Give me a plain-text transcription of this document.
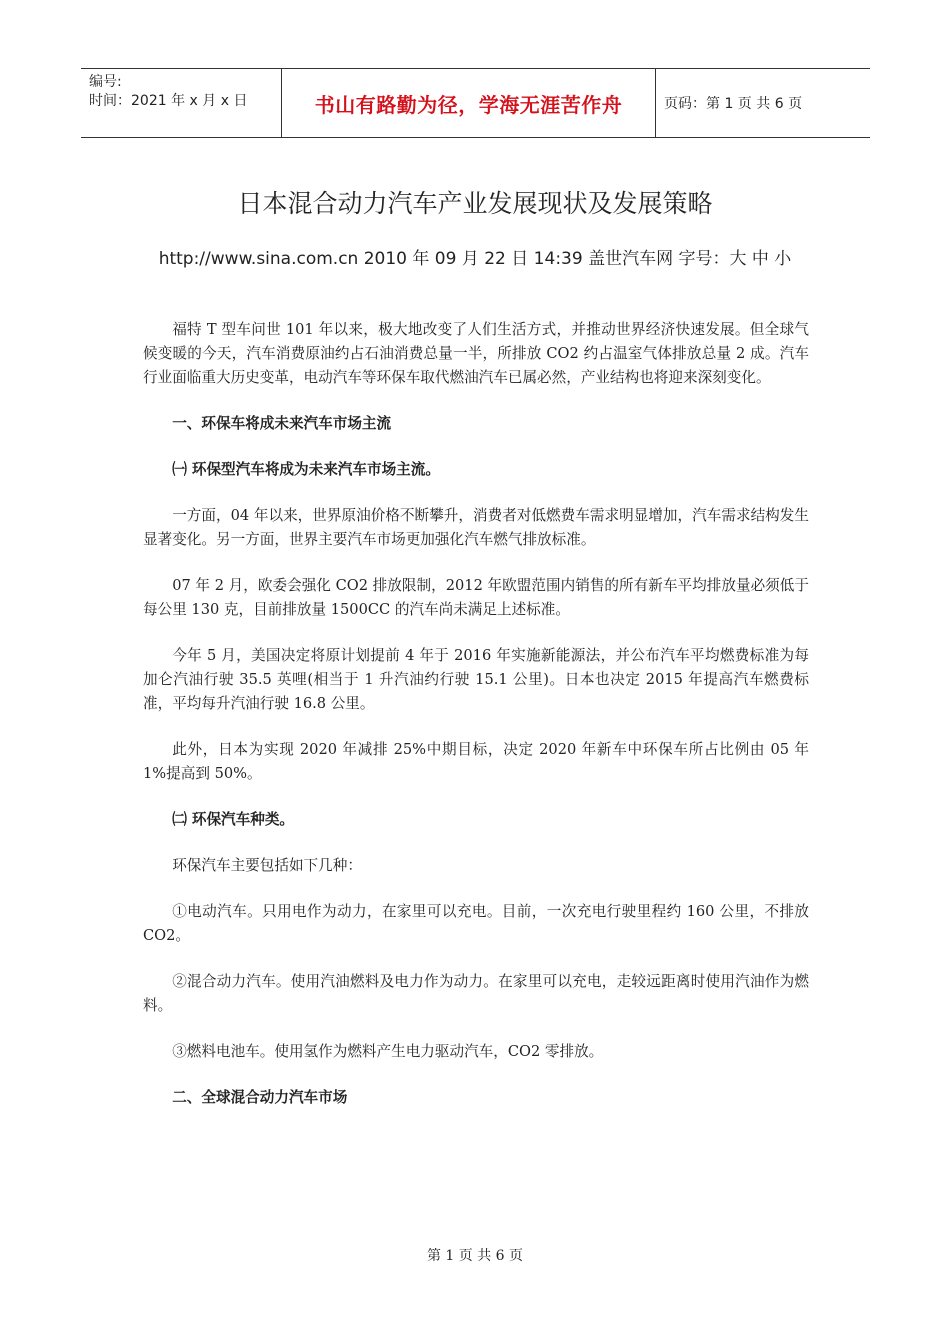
编号:
时间：2021 年 x 月 x 日	书山有路勤为径，学海无涯苦作舟	页码：第 1 页 共 6 页
日本混合动力汽车产业发展现状及发展策略
http://www.sina.com.cn 2010 年 09 月 22 日 14:39 盖世汽车网 字号：大 中 小

福特 T 型车问世 101 年以来，极大地改变了人们生活方式，并推动世界经济快速发展。但全球气候变暖的今天，汽车消费原油约占石油消费总量一半，所排放 CO2 约占温室气体排放总量 2 成。汽车行业面临重大历史变革，电动汽车等环保车取代燃油汽车已属必然，产业结构也将迎来深刻变化。

一、环保车将成未来汽车市场主流

㈠ 环保型汽车将成为未来汽车市场主流。

一方面，04 年以来，世界原油价格不断攀升，消费者对低燃费车需求明显增加，汽车需求结构发生显著变化。另一方面，世界主要汽车市场更加强化汽车燃气排放标准。

07 年 2 月，欧委会强化 CO2 排放限制，2012 年欧盟范围内销售的所有新车平均排放量必须低于每公里 130 克，目前排放量 1500CC 的汽车尚未满足上述标准。

今年 5 月，美国决定将原计划提前 4 年于 2016 年实施新能源法，并公布汽车平均燃费标准为每加仑汽油行驶 35.5 英哩(相当于 1 升汽油约行驶 15.1 公里)。日本也决定 2015 年提高汽车燃费标准，平均每升汽油行驶 16.8 公里。

此外，日本为实现 2020 年减排 25%中期目标，决定 2020 年新车中环保车所占比例由 05 年 1%提高到 50%。

㈡ 环保汽车种类。

环保汽车主要包括如下几种：

①电动汽车。只用电作为动力，在家里可以充电。目前，一次充电行驶里程约 160 公里，不排放 CO2。

②混合动力汽车。使用汽油燃料及电力作为动力。在家里可以充电，走较远距离时使用汽油作为燃料。

③燃料电池车。使用氢作为燃料产生电力驱动汽车，CO2 零排放。

二、全球混合动力汽车市场

第 1 页 共 6 页
